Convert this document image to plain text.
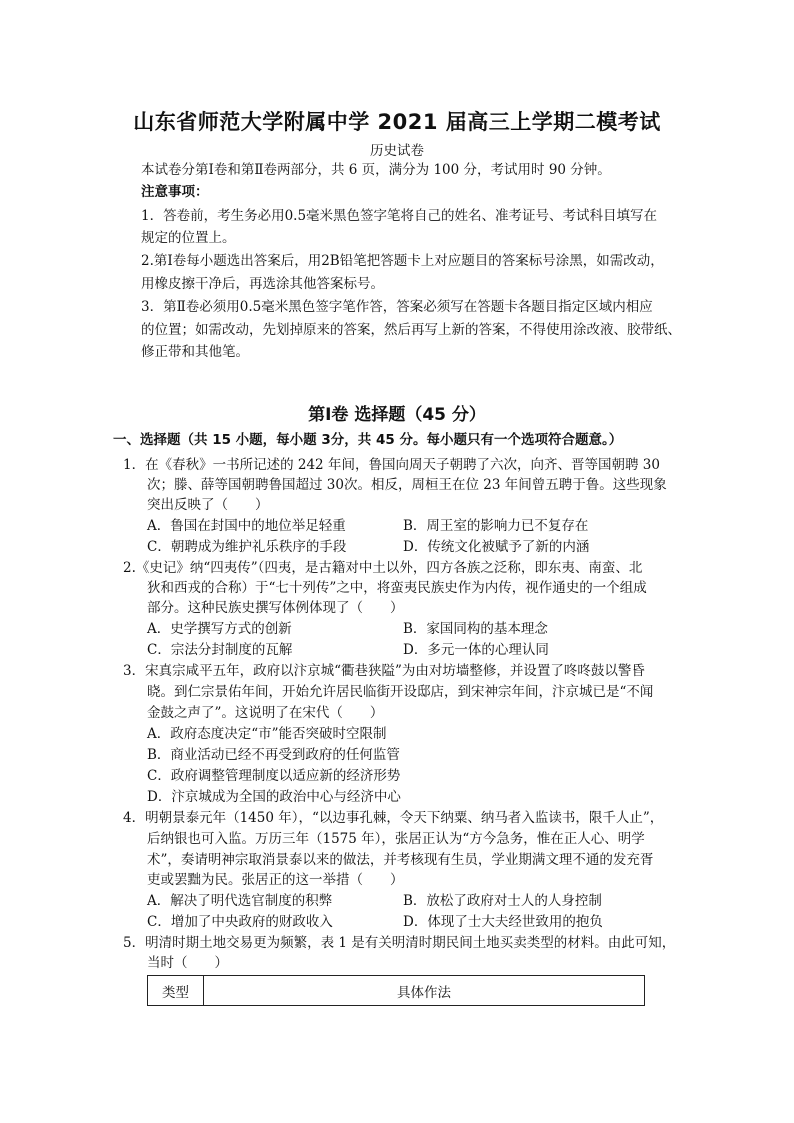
山东省师范大学附属中学 2021 届高三上学期二模考试
历史试卷
本试卷分第Ⅰ卷和第Ⅱ卷两部分，共 6 页，满分为 100 分，考试用时 90 分钟。
注意事项：
1．答卷前，考生务必用0.5毫米黑色签字笔将自己的姓名、准考证号、考试科目填写在
规定的位置上。
2.第Ⅰ卷每小题选出答案后，用2B铅笔把答题卡上对应题目的答案标号涂黑，如需改动，
用橡皮擦干净后，再选涂其他答案标号。
3．第Ⅱ卷必须用0.5毫米黑色签字笔作答，答案必须写在答题卡各题目指定区域内相应
的位置；如需改动，先划掉原来的答案，然后再写上新的答案，不得使用涂改液、胶带纸、
修正带和其他笔。
第Ⅰ卷 选择题（45 分）
一、选择题（共 15 小题，每小题 3分，共 45 分。每小题只有一个选项符合题意。）
1．在《春秋》一书所记述的 242 年间，鲁国向周天子朝聘了六次，向齐、晋等国朝聘 30
次；滕、薛等国朝聘鲁国超过 30次。相反，周桓王在位 23 年间曾五聘于鲁。这些现象
突出反映了（　　）
A．鲁国在封国中的地位举足轻重	B．周王室的影响力已不复存在
C．朝聘成为维护礼乐秩序的手段	D．传统文化被赋予了新的内涵
2.《史记》纳“四夷传”（四夷，是古籍对中土以外，四方各族之泛称，即东夷、南蛮、北
狄和西戎的合称）于“七十列传”之中，将蛮夷民族史作为内传，视作通史的一个组成
部分。这种民族史撰写体例体现了（　　）
A．史学撰写方式的创新	B．家国同构的基本理念
C．宗法分封制度的瓦解	D．多元一体的心理认同
3．宋真宗咸平五年，政府以汴京城“衢巷狭隘”为由对坊墙整修，并设置了咚咚鼓以警昏
晓。到仁宗景佑年间，开始允许居民临街开设邸店，到宋神宗年间，汴京城已是“不闻
金鼓之声了”。这说明了在宋代（　　）
A．政府态度决定“市”能否突破时空限制
B．商业活动已经不再受到政府的任何监管
C．政府调整管理制度以适应新的经济形势
D．汴京城成为全国的政治中心与经济中心
4．明朝景泰元年（1450 年），“以边事孔棘，令天下纳粟、纳马者入监读书，限千人止”，
后纳银也可入监。万历三年（1575 年），张居正认为“方今急务，惟在正人心、明学
术”，奏请明神宗取消景泰以来的做法，并考核现有生员，学业期满文理不通的发充胥
吏或罢黜为民。张居正的这一举措（　　）
A．解决了明代选官制度的积弊	B．放松了政府对士人的人身控制
C．增加了中央政府的财政收入	D．体现了士大夫经世致用的抱负
5．明清时期土地交易更为频繁，表 1 是有关明清时期民间土地买卖类型的材料。由此可知，
当时（　　）
类型	具体作法
